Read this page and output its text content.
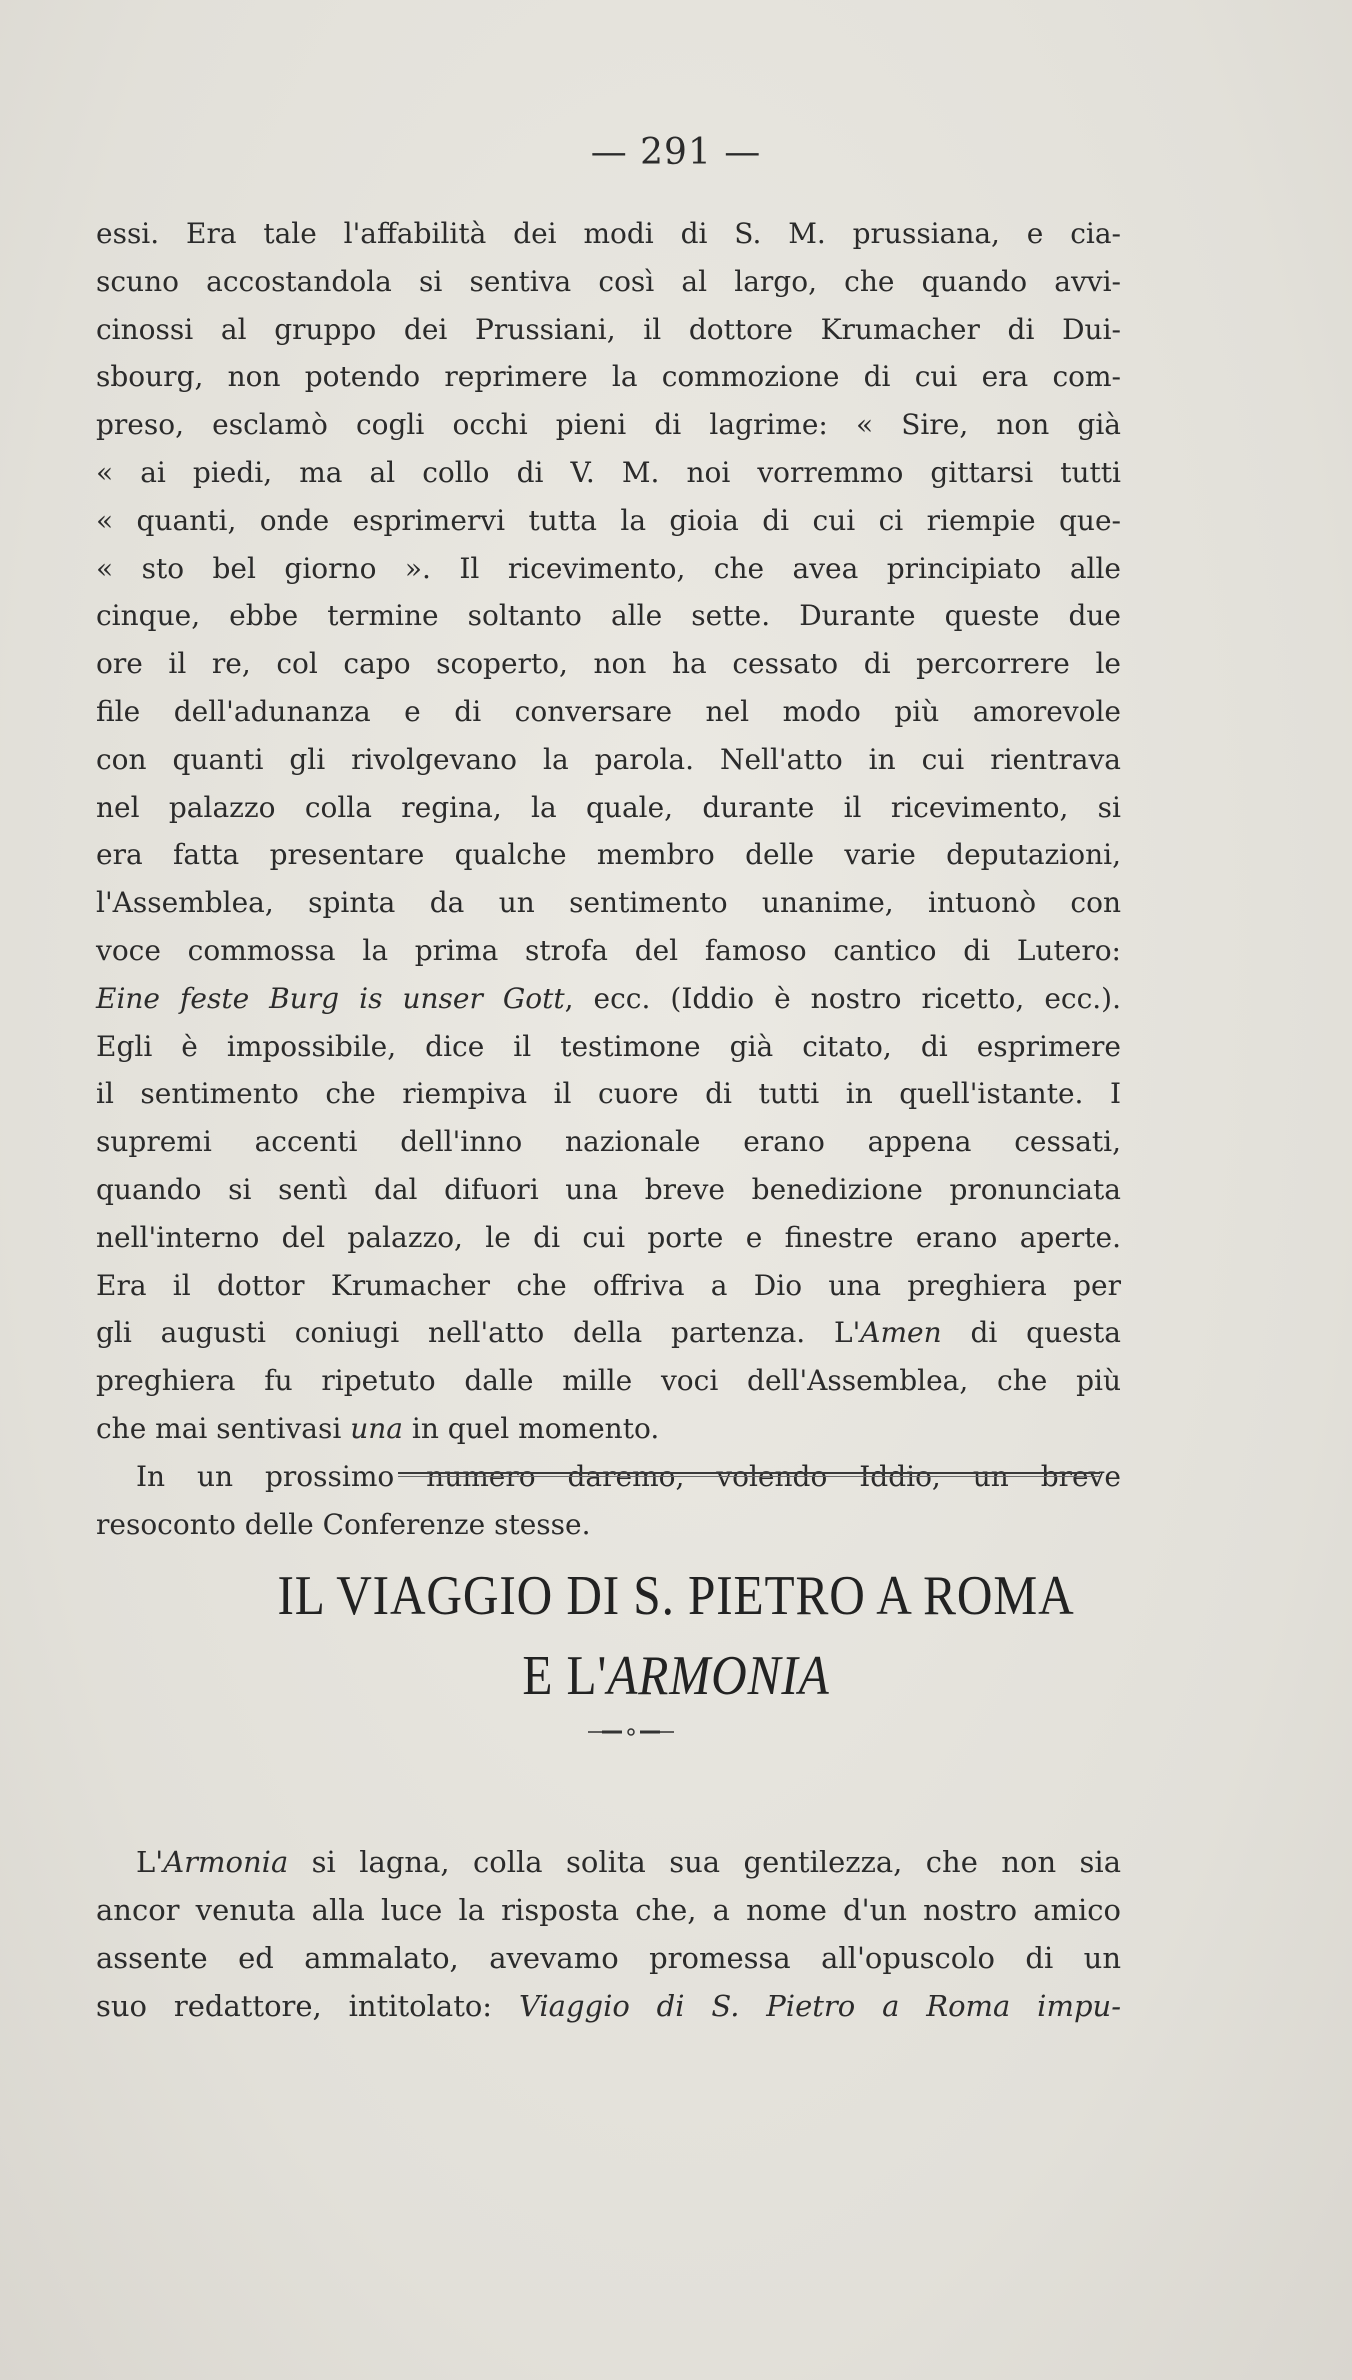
— 291 —
essi. Era tale l'affabilità dei modi di S. M. prussiana, e cia-
scuno accostandola si sentiva così al largo, che quando avvi-
cinossi al gruppo dei Prussiani, il dottore Krumacher di Dui-
sbourg, non potendo reprimere la commozione di cui era com-
preso, esclamò cogli occhi pieni di lagrime: « Sire, non già
« ai piedi, ma al collo di V. M. noi vorremmo gittarsi tutti
« quanti, onde esprimervi tutta la gioia di cui ci riempie que-
« sto bel giorno ». Il ricevimento, che avea principiato alle
cinque, ebbe termine soltanto alle sette. Durante queste due
ore il re, col capo scoperto, non ha cessato di percorrere le
file dell'adunanza e di conversare nel modo più amorevole
con quanti gli rivolgevano la parola. Nell'atto in cui rientrava
nel palazzo colla regina, la quale, durante il ricevimento, si
era fatta presentare qualche membro delle varie deputazioni,
l'Assemblea, spinta da un sentimento unanime, intuonò con
voce commossa la prima strofa del famoso cantico di Lutero:
Eine feste Burg is unser Gott, ecc. (Iddio è nostro ricetto, ecc.).
Egli è impossibile, dice il testimone già citato, di esprimere
il sentimento che riempiva il cuore di tutti in quell'istante. I
supremi accenti dell'inno nazionale erano appena cessati,
quando si sentì dal difuori una breve benedizione pronunciata
nell'interno del palazzo, le di cui porte e finestre erano aperte.
Era il dottor Krumacher che offriva a Dio una preghiera per
gli augusti coniugi nell'atto della partenza. L'Amen di questa
preghiera fu ripetuto dalle mille voci dell'Assemblea, che più
che mai sentivasi una in quel momento.
In un prossimo numero daremo, volendo Iddio, un breve
resoconto delle Conferenze stesse.
IL VIAGGIO DI S. PIETRO A ROMA
E L'ARMONIA
L'Armonia si lagna, colla solita sua gentilezza, che non sia
ancor venuta alla luce la risposta che, a nome d'un nostro amico
assente ed ammalato, avevamo promessa all'opuscolo di un
suo redattore, intitolato: Viaggio di S. Pietro a Roma impu-
